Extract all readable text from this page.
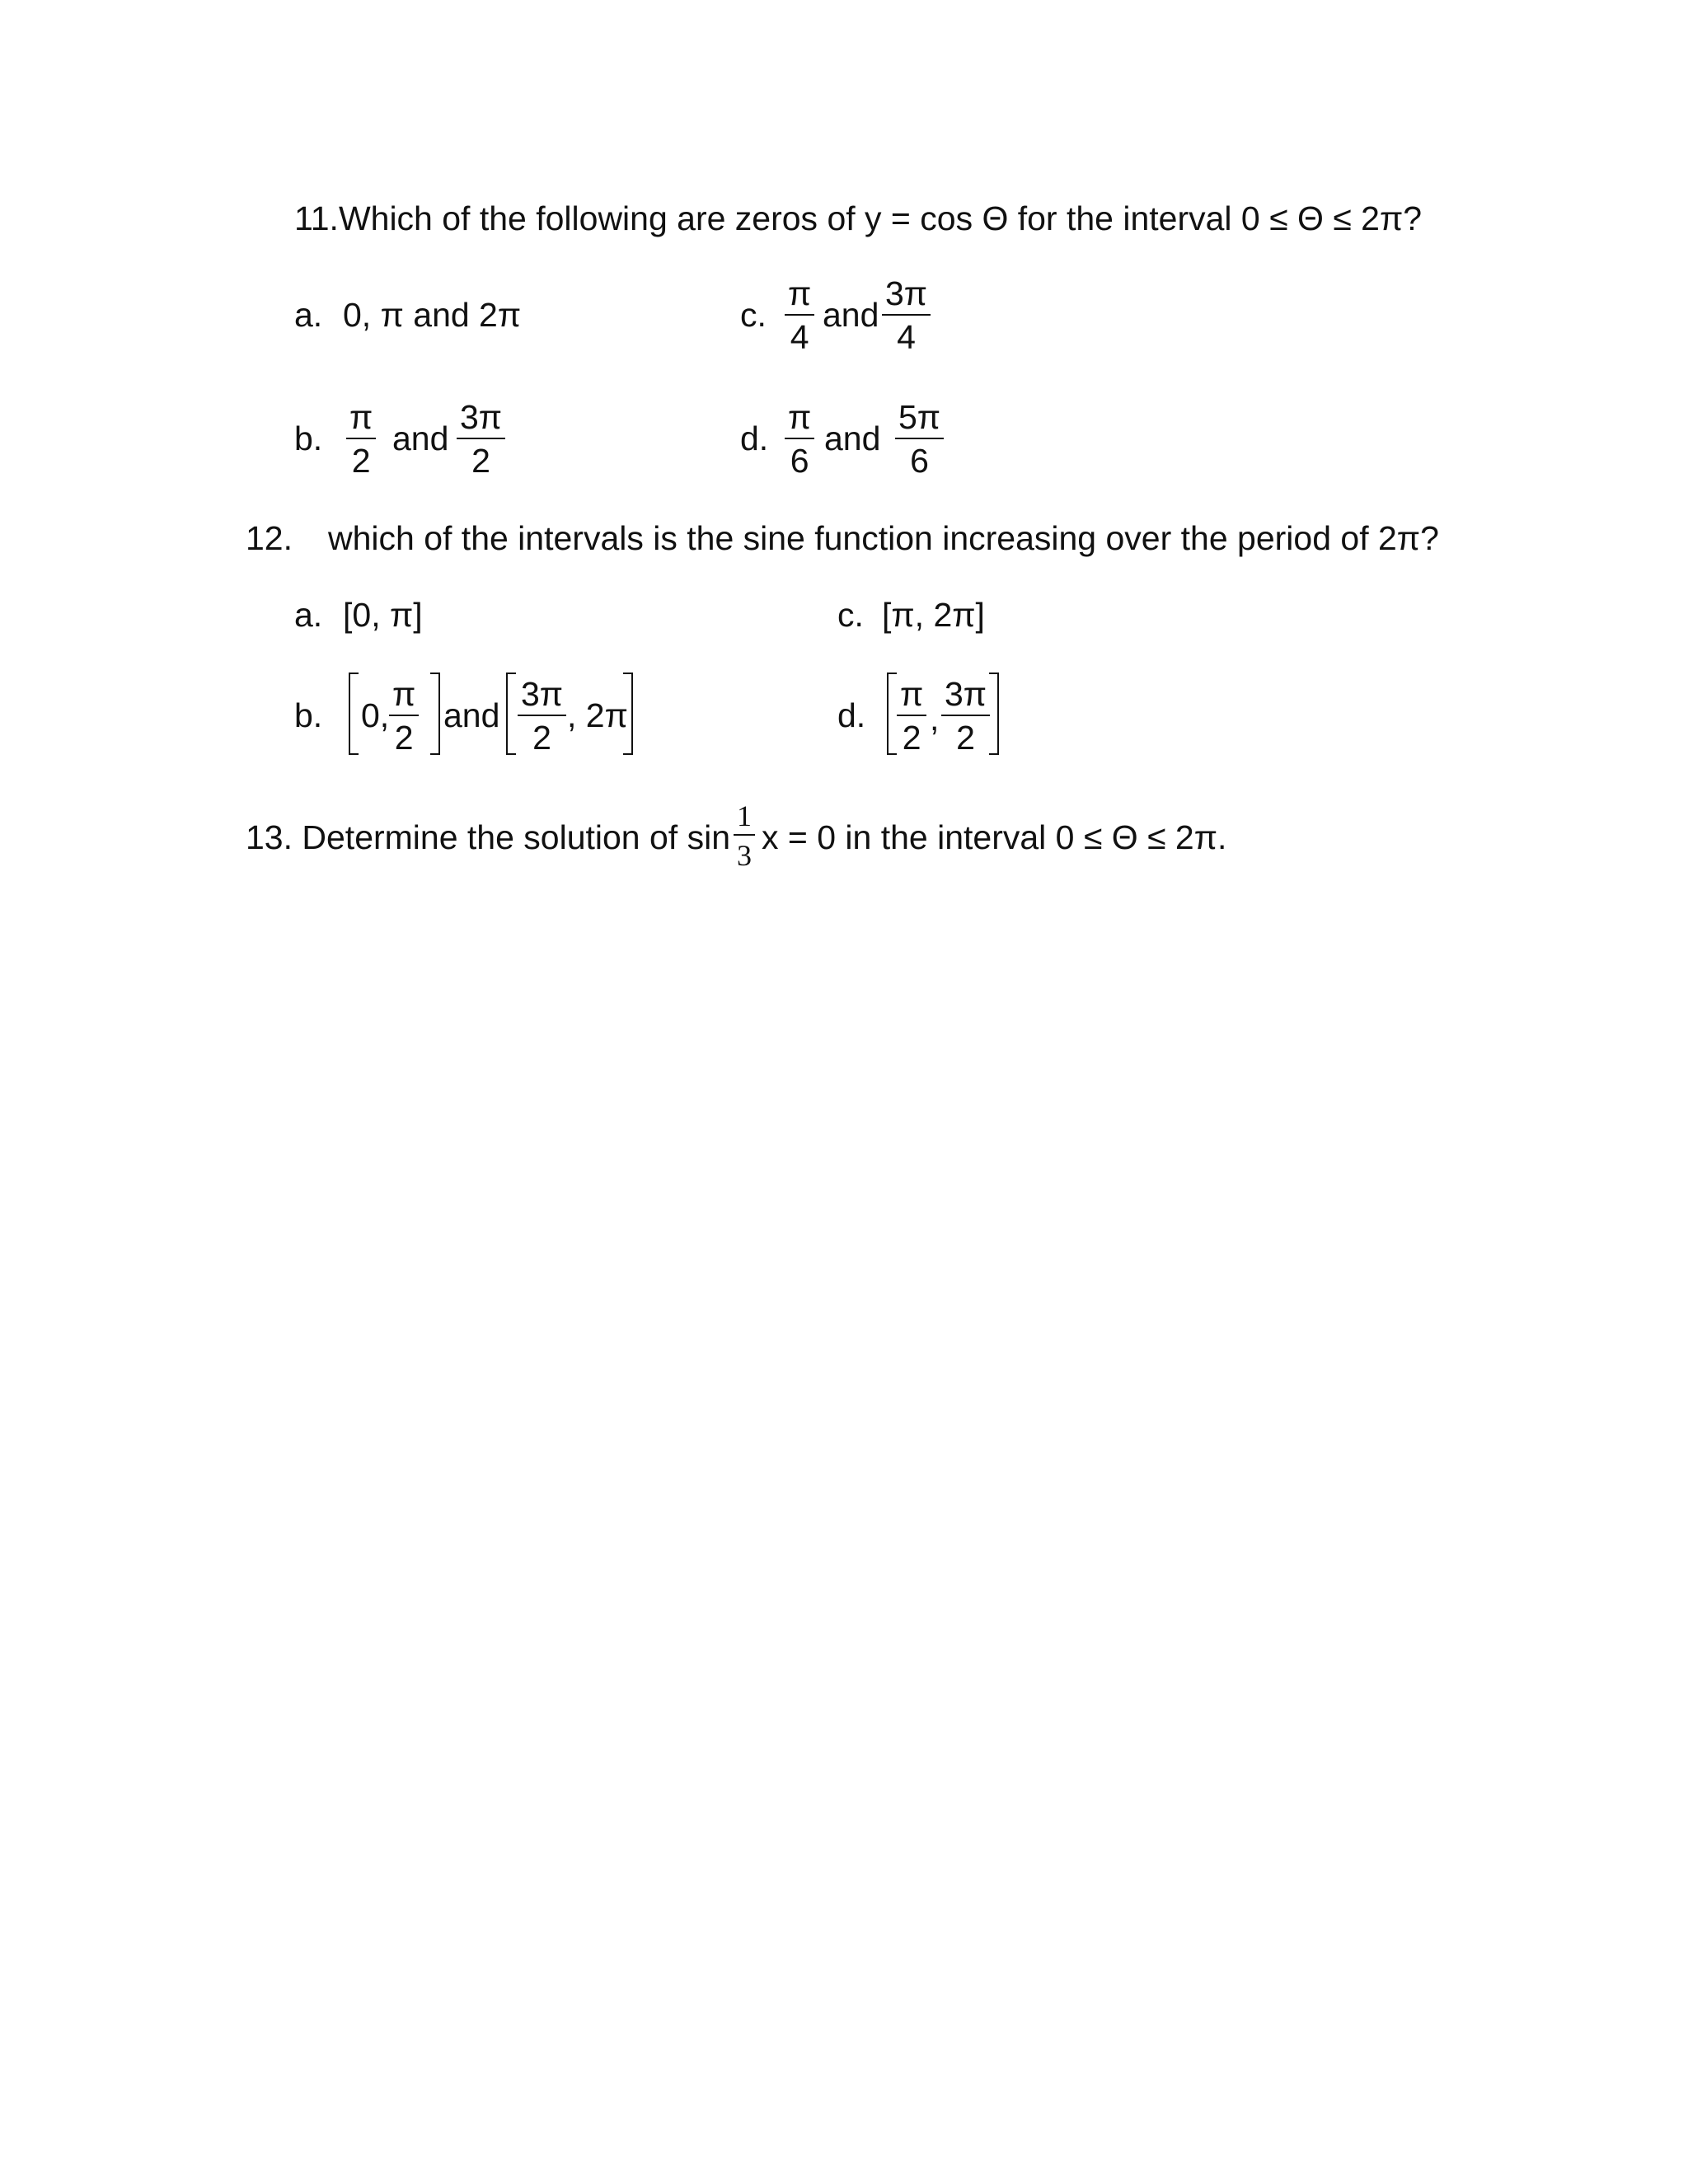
11.Which of the following are zeros of y = cos Θ for the interval 0 ≤ Θ ≤ 2π?
a. 0, π and 2π
b.
π
2
and
3π
2
c.
π
4
and
3π
4
d.
π
6
and
5π
6
12. which of the intervals is the sine function increasing over the period of 2π?
a. [0, π]	c. [π, 2π]
b. 0,
π
2
and
3π
2
, 2π	d.
π
2 ,
3π
2
13. Determine the solution of sin
1
3 x = 0 in the interval 0 ≤ Θ ≤ 2π.
